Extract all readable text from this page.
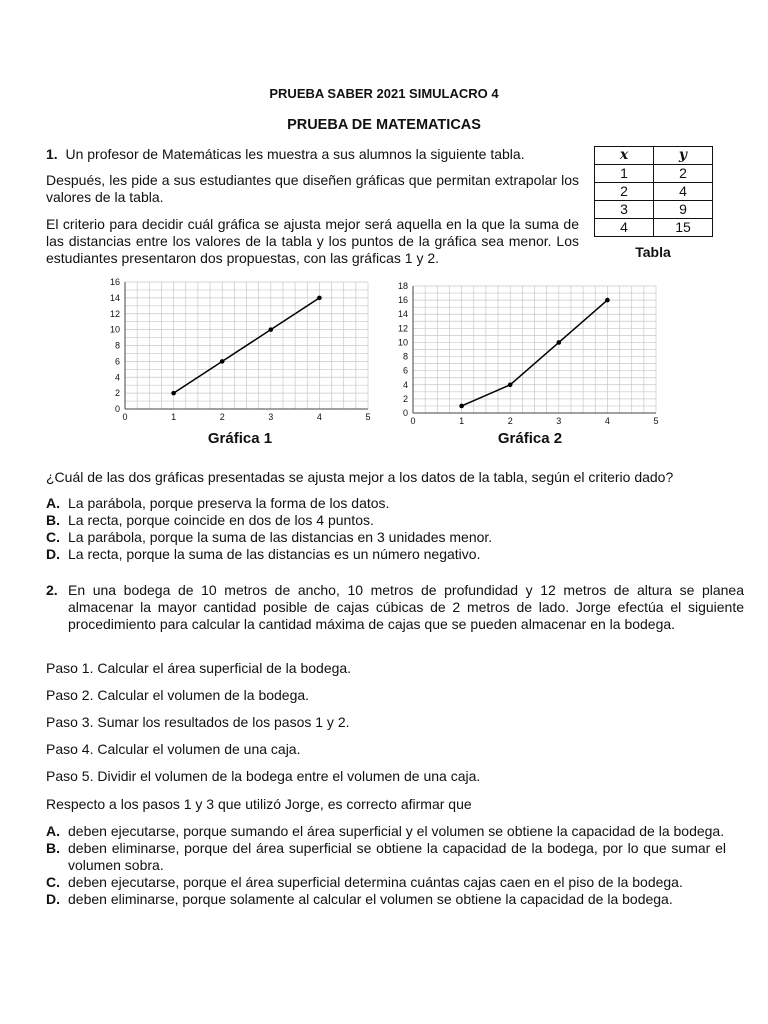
PRUEBA SABER 2021 SIMULACRO 4
PRUEBA DE MATEMATICAS
1. Un profesor de Matemáticas les muestra a sus alumnos la siguiente tabla.
Después, les pide a sus estudiantes que diseñen gráficas que permitan extrapolar los valores de la tabla.
El criterio para decidir cuál gráfica se ajusta mejor será aquella en la que la suma de las distancias entre los valores de la tabla y los puntos de la gráfica sea menor. Los estudiantes presentaron dos propuestas, con las gráficas 1 y 2.
x	y
1	2
2	4
3	9
4	15
Tabla
0	1	2	3	4	5
0
2
4
6
8
10
12
14
16
Gráfica 1
0	1	2	3	4	5
0
2
4
6
8
10
12
14
16
18
Gráfica 2
¿Cuál de las dos gráficas presentadas se ajusta mejor a los datos de la tabla, según el criterio dado?
A. La parábola, porque preserva la forma de los datos.
B. La recta, porque coincide en dos de los 4 puntos.
C. La parábola, porque la suma de las distancias en 3 unidades menor.
D. La recta, porque la suma de las distancias es un número negativo.
2. En una bodega de 10 metros de ancho, 10 metros de profundidad y 12 metros de altura se planea almacenar la mayor cantidad posible de cajas cúbicas de 2 metros de lado. Jorge efectúa el siguiente procedimiento para calcular la cantidad máxima de cajas que se pueden almacenar en la bodega.
Paso 1. Calcular el área superficial de la bodega.
Paso 2. Calcular el volumen de la bodega.
Paso 3. Sumar los resultados de los pasos 1 y 2.
Paso 4. Calcular el volumen de una caja.
Paso 5. Dividir el volumen de la bodega entre el volumen de una caja.
Respecto a los pasos 1 y 3 que utilizó Jorge, es correcto afirmar que
A. deben ejecutarse, porque sumando el área superficial y el volumen se obtiene la capacidad de la bodega.
B. deben eliminarse, porque del área superficial se obtiene la capacidad de la bodega, por lo que sumar el volumen sobra.
C. deben ejecutarse, porque el área superficial determina cuántas cajas caen en el piso de la bodega.
D. deben eliminarse, porque solamente al calcular el volumen se obtiene la capacidad de la bodega.
